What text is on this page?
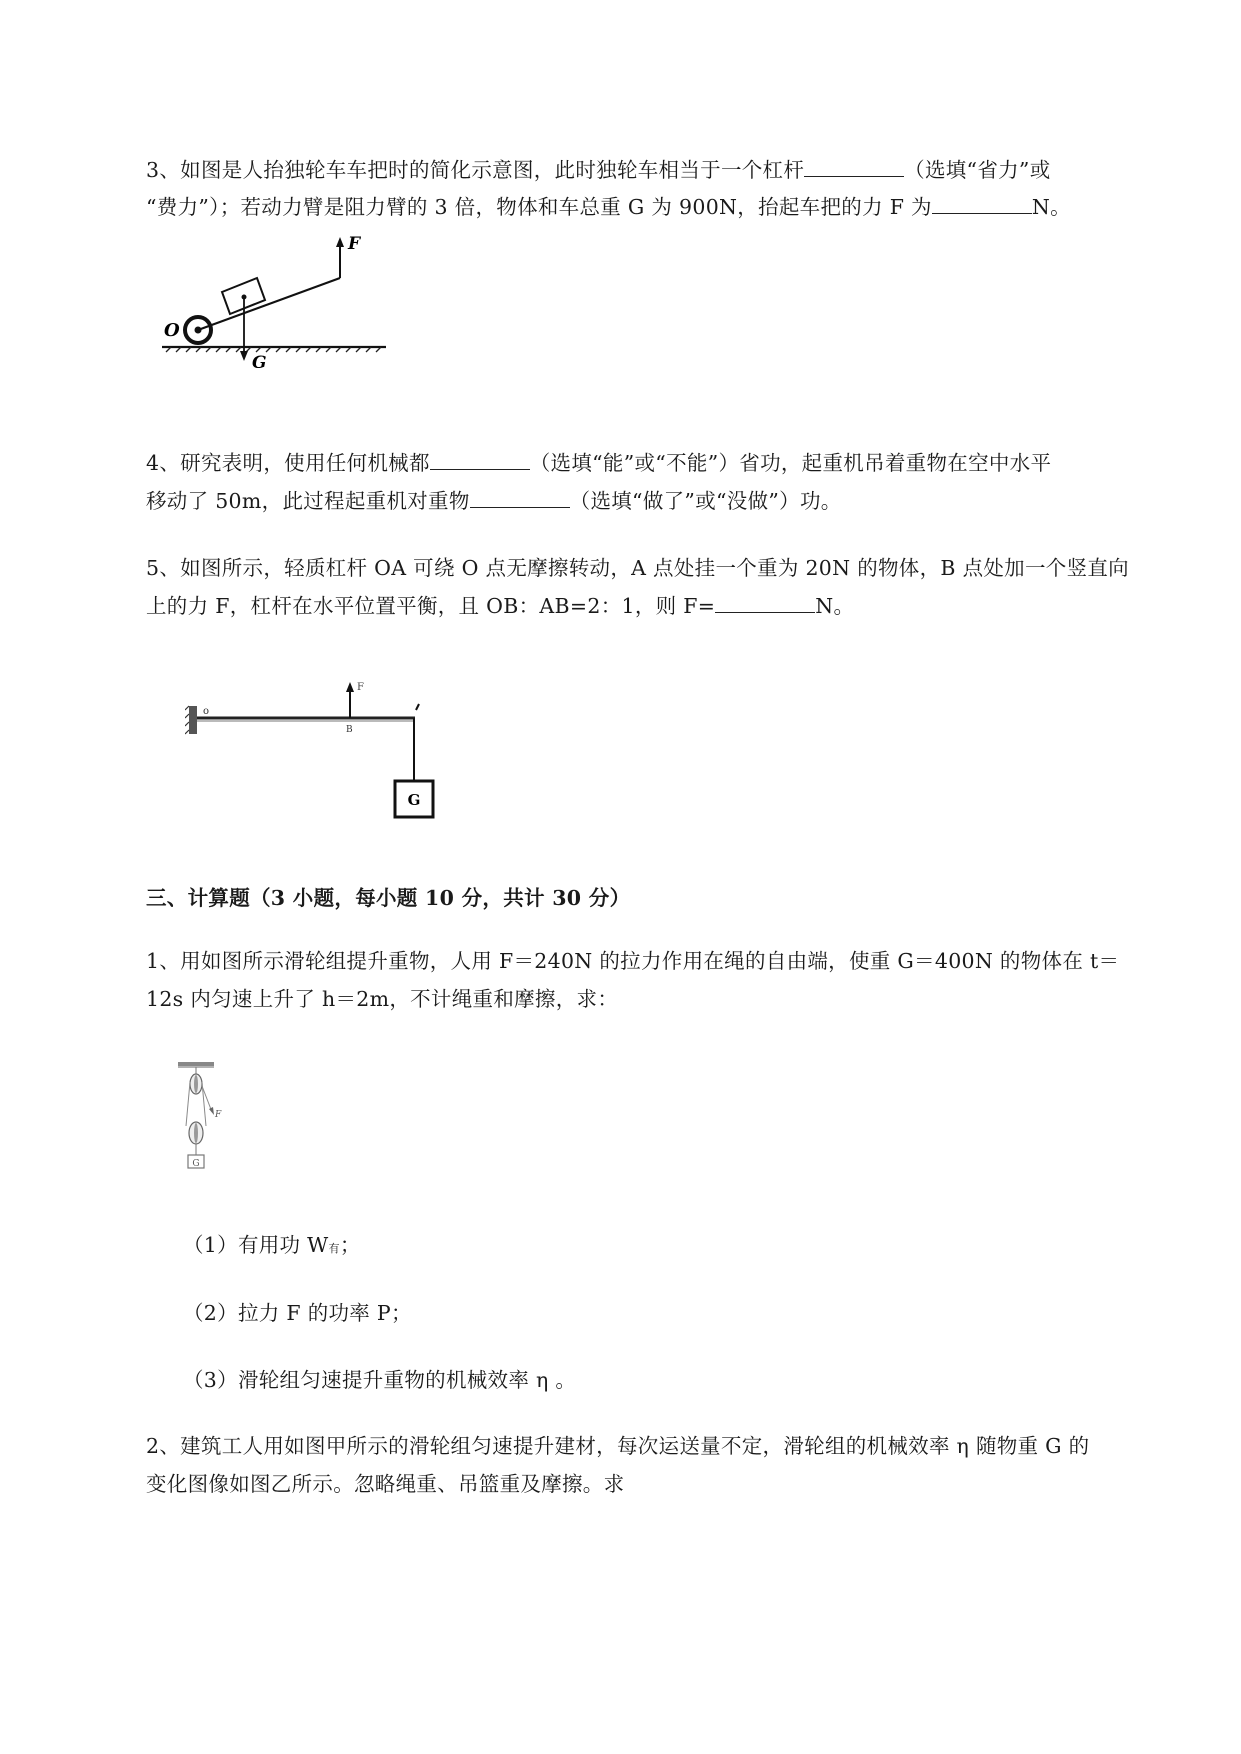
3、如图是人抬独轮车车把时的简化示意图，此时独轮车相当于一个杠杆	（选填“省力”或

“费力”）；若动力臂是阻力臂的 3 倍，物体和车总重 G 为 900N，抬起车把的力 F 为	N。

F
G
O

4、研究表明，使用任何机械都	（选填“能”或“不能”）省功，起重机吊着重物在空中水平

移动了 50m，此过程起重机对重物	（选填“做了”或“没做”）功。

5、如图所示，轻质杠杆 OA 可绕 O 点无摩擦转动，A 点处挂一个重为 20N 的物体，B 点处加一个竖直向

上的力 F，杠杆在水平位置平衡，且 OB：AB=2：1，则 F=	N。

o
F
B
G

三、计算题（3 小题，每小题 10 分，共计 30 分）

1、用如图所示滑轮组提升重物，人用 F＝240N 的拉力作用在绳的自由端，使重 G＝400N 的物体在 t＝

12s 内匀速上升了 h＝2m，不计绳重和摩擦，求：

F
G

（1）有用功 W有；

（2）拉力 F 的功率 P；

（3）滑轮组匀速提升重物的机械效率 η 。

2、建筑工人用如图甲所示的滑轮组匀速提升建材，每次运送量不定，滑轮组的机械效率 η 随物重 G 的

变化图像如图乙所示。忽略绳重、吊篮重及摩擦。求
